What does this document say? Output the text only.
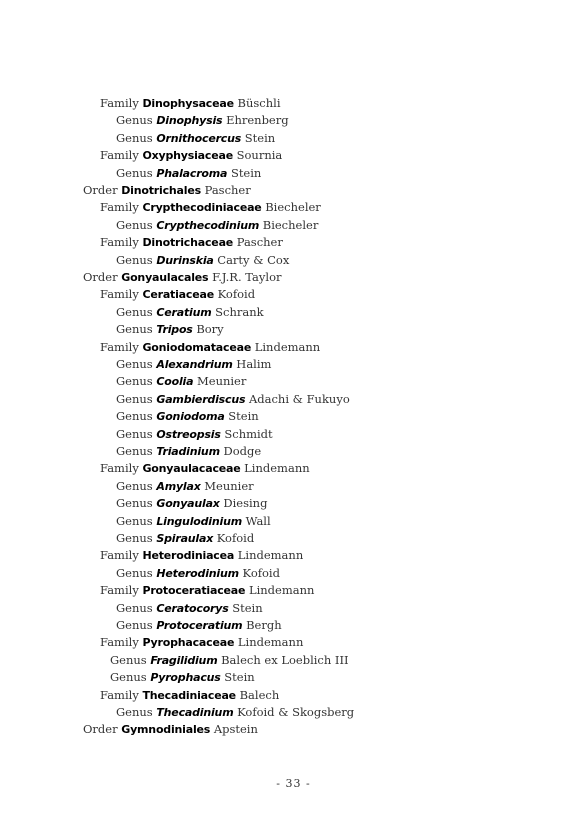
Family Dinophysaceae Büschli
Genus Dinophysis Ehrenberg
Genus Ornithocercus Stein
Family Oxyphysiaceae Sournia
Genus Phalacroma Stein
Order Dinotrichales Pascher
Family Crypthecodiniaceae Biecheler
Genus Crypthecodinium Biecheler
Family Dinotrichaceae Pascher
Genus Durinskia Carty & Cox
Order Gonyaulacales F.J.R. Taylor
Family Ceratiaceae Kofoid
Genus Ceratium Schrank
Genus Tripos Bory
Family Goniodomataceae Lindemann
Genus Alexandrium Halim
Genus Coolia Meunier
Genus Gambierdiscus Adachi & Fukuyo
Genus Goniodoma Stein
Genus Ostreopsis Schmidt
Genus Triadinium Dodge
Family Gonyaulacaceae Lindemann
Genus Amylax Meunier
Genus Gonyaulax Diesing
Genus Lingulodinium Wall
Genus Spiraulax Kofoid
Family Heterodiniacea Lindemann
Genus Heterodinium Kofoid
Family Protoceratiaceae Lindemann
Genus Ceratocorys Stein
Genus Protoceratium Bergh
Family Pyrophacaceae Lindemann
Genus Fragilidium Balech ex Loeblich III
Genus Pyrophacus Stein
Family Thecadiniaceae Balech
Genus Thecadinium Kofoid & Skogsberg
Order Gymnodiniales Apstein
- 33 -
